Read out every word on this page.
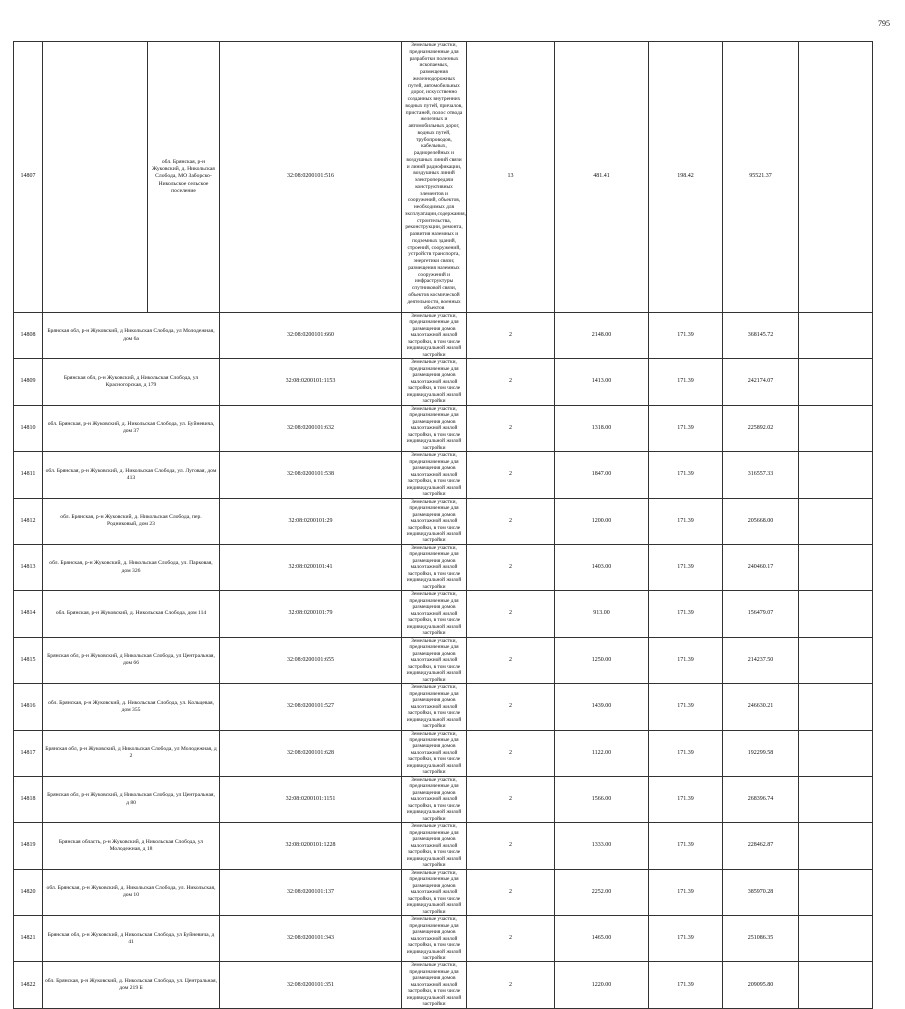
795
14807		обл. Брянская, р-н Жуковский, д. Никольская Слобода, МО Заборско-Никольское сельское поселение	32:08:0200101:516	Земельные участки, предназначенные для разработки полезных ископаемых, размещения железнодорожных путей, автомобильных дорог, искусственно созданных внутренних водных путей, причалов, пристаней, полос отвода железных и автомобильных дорог, водных путей, трубопроводов, кабельных, радиорелейных и воздушных линий связи и линий радиофикации, воздушных линий электропередачи конструктивных элементов и сооружений, объектов, необходимых для эксплуатации,содержания, строительства, реконструкции, ремонта, развития наземных и подземных зданий, строений, сооружений, устройств транспорта, энергетики связи; размещения наземных сооружений и инфраструктуры спутниковой связи, объектов космической деятельности, военных объектов	13	481.41	198.42	95521.37	
14808	Брянская обл, р-н Жуковский, д Никольская Слобода, ул Молодежная, дом 6а		32:08:0200101:660	Земельные участки, предназначенные для размещения домов малоэтажной жилой застройки, в том числе индивидуальной жилой застройки	2	2148.00	171.39	368145.72	
14809	Брянская обл, р-н Жуковский, д Никольская Слобода, ул Красногорская, д 179		32:08:0200101:1153	Земельные участки, предназначенные для размещения домов малоэтажной жилой застройки, в том числе индивидуальной жилой застройки	2	1413.00	171.39	242174.07	
14810	обл. Брянская, р-н Жуковский, д. Никольская Слобода, ул. Буйневича, дом 37		32:08:0200101:632	Земельные участки, предназначенные для размещения домов малоэтажной жилой застройки, в том числе индивидуальной жилой застройки	2	1318.00	171.39	225892.02	
14811	обл. Брянская, р-н Жуковский, д. Никольская Слобода, ул. Луговая, дом 413		32:08:0200101:538	Земельные участки, предназначенные для размещения домов малоэтажной жилой застройки, в том числе индивидуальной жилой застройки	2	1847.00	171.39	316557.33	
14812	обл. Брянская, р-н Жуковский, д. Никольская Слобода, пер. Родниковый, дом 23		32:08:0200101:29	Земельные участки, предназначенные для размещения домов малоэтажной жилой застройки, в том числе индивидуальной жилой застройки	2	1200.00	171.39	205668.00	
14813	обл. Брянская, р-н Жуковский, д. Никольская Слобода, ул. Парковая, дом 326		32:08:0200101:41	Земельные участки, предназначенные для размещения домов малоэтажной жилой застройки, в том числе индивидуальной жилой застройки	2	1403.00	171.39	240460.17	
14814	обл. Брянская, р-н Жуковский, д. Никольская Слобода, дом 114		32:08:0200101:79	Земельные участки, предназначенные для размещения домов малоэтажной жилой застройки, в том числе индивидуальной жилой застройки	2	913.00	171.39	156479.07	
14815	Брянская обл, р-н Жуковский, д Никольская Слобода, ул Центральная, дом 66		32:08:0200101:655	Земельные участки, предназначенные для размещения домов малоэтажной жилой застройки, в том числе индивидуальной жилой застройки	2	1250.00	171.39	214237.50	
14816	обл. Брянская, р-н Жуковский, д. Никольская Слобода, ул. Кольцевая, дом 355		32:08:0200101:527	Земельные участки, предназначенные для размещения домов малоэтажной жилой застройки, в том числе индивидуальной жилой застройки	2	1439.00	171.39	246630.21	
14817	Брянская обл, р-н Жуковский, д Никольская Слобода, ул Молодежная, д 2		32:08:0200101:628	Земельные участки, предназначенные для размещения домов малоэтажной жилой застройки, в том числе индивидуальной жилой застройки	2	1122.00	171.39	192299.58	
14818	Брянская обл, р-н Жуковский, д Никольская Слобода, ул Центральная, д 80		32:08:0200101:1151	Земельные участки, предназначенные для размещения домов малоэтажной жилой застройки, в том числе индивидуальной жилой застройки	2	1566.00	171.39	268396.74	
14819	Брянская область, р-н Жуковский, д Никольская Слобода, ул Молодежная, д 18		32:08:0200101:1228	Земельные участки, предназначенные для размещения домов малоэтажной жилой застройки, в том числе индивидуальной жилой застройки	2	1333.00	171.39	228462.87	
14820	обл. Брянская, р-н Жуковский, д. Никольская Слобода, ул. Никольская, дом 10		32:08:0200101:137	Земельные участки, предназначенные для размещения домов малоэтажной жилой застройки, в том числе индивидуальной жилой застройки	2	2252.00	171.39	385970.28	
14821	Брянская обл, р-н Жуковский, д Никольская Слобода, ул Буйневича, д 41		32:08:0200101:343	Земельные участки, предназначенные для размещения домов малоэтажной жилой застройки, в том числе индивидуальной жилой застройки	2	1465.00	171.39	251086.35	
14822	обл. Брянская, р-н Жуковский, д. Никольская Слобода, ул. Центральная, дом 219 Б		32:08:0200101:351	Земельные участки, предназначенные для размещения домов малоэтажной жилой застройки, в том числе индивидуальной жилой застройки	2	1220.00	171.39	209095.80	
